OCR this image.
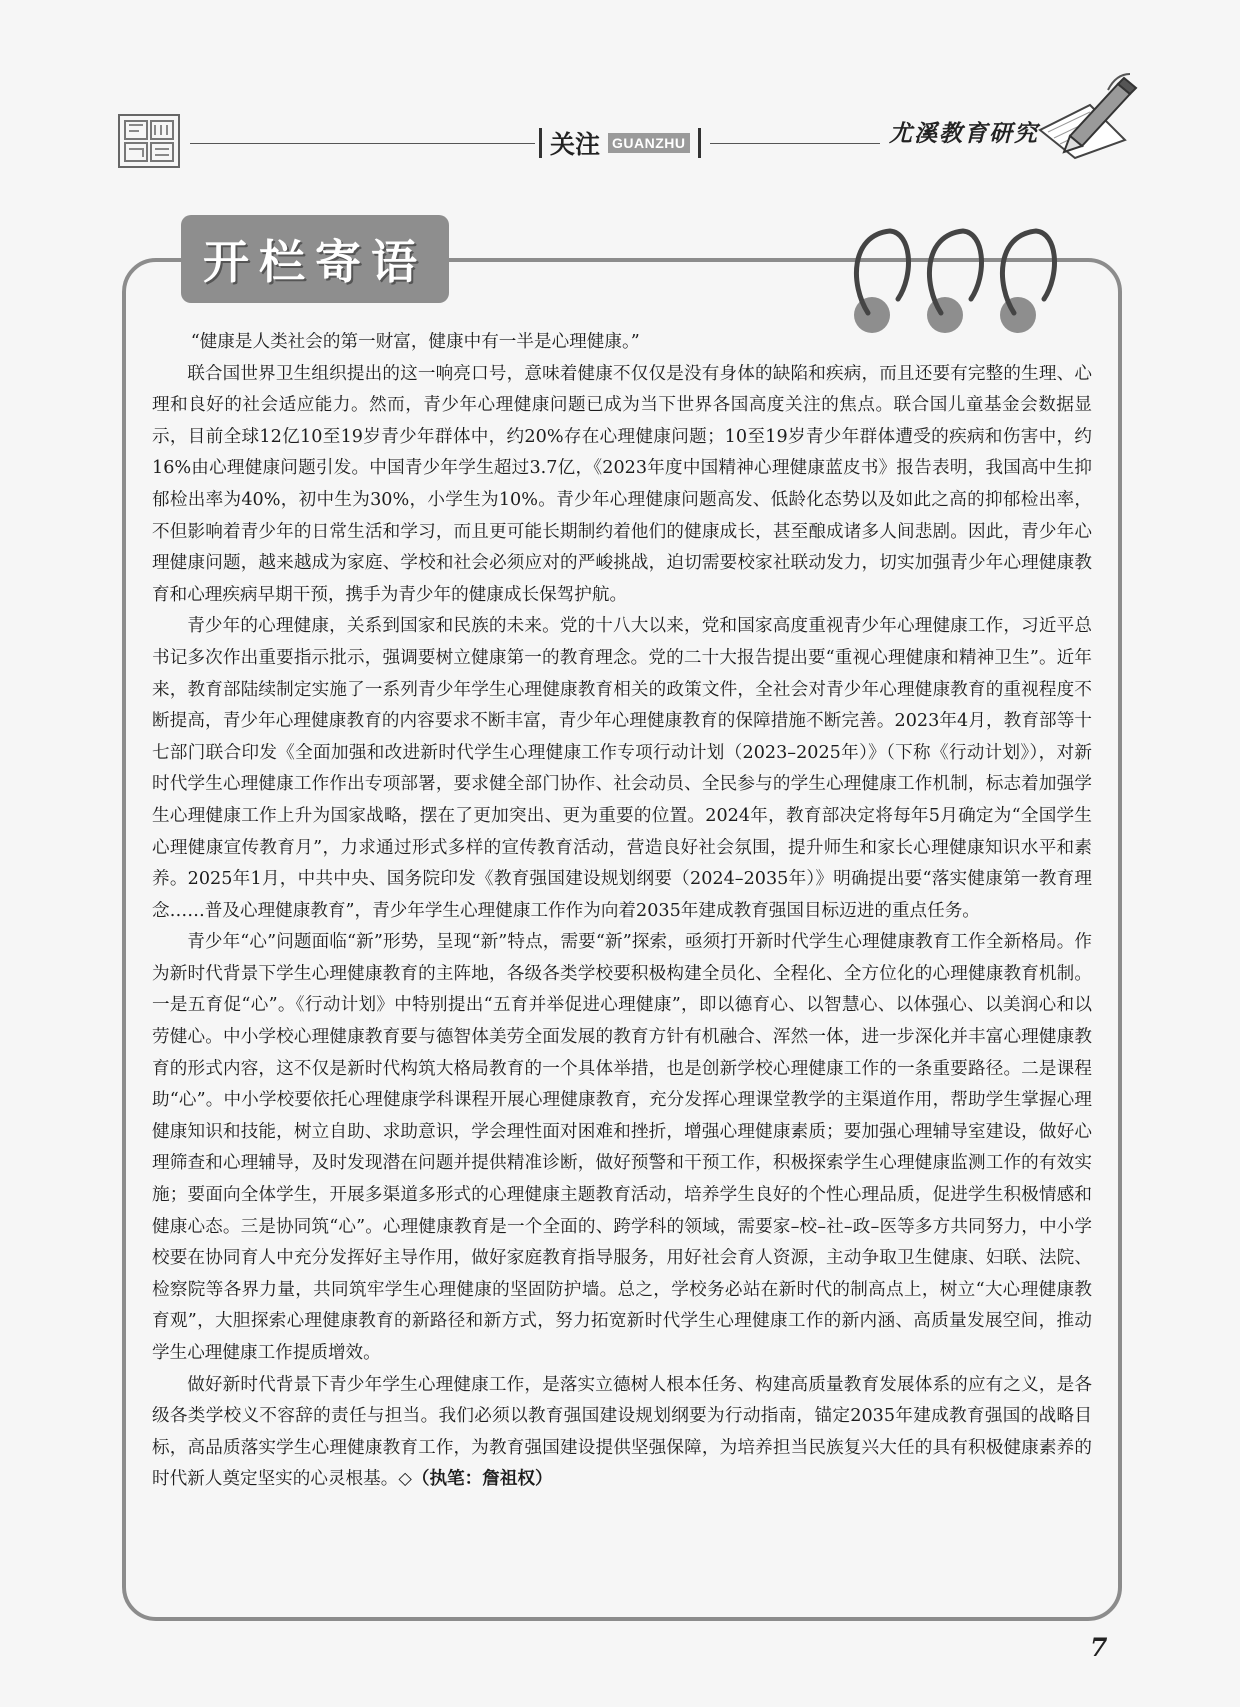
关注 GUANZHU	尤溪教育研究
开栏寄语

“健康是人类社会的第一财富，健康中有一半是心理健康。”

联合国世界卫生组织提出的这一响亮口号，意味着健康不仅仅是没有身体的缺陷和疾病，而且还要有完整的生理、心理和良好的社会适应能力。然而，青少年心理健康问题已成为当下世界各国高度关注的焦点。联合国儿童基金会数据显示，目前全球12亿10至19岁青少年群体中，约20%存在心理健康问题；10至19岁青少年群体遭受的疾病和伤害中，约16%由心理健康问题引发。中国青少年学生超过3.7亿，《2023年度中国精神心理健康蓝皮书》报告表明，我国高中生抑郁检出率为40%，初中生为30%，小学生为10%。青少年心理健康问题高发、低龄化态势以及如此之高的抑郁检出率，不但影响着青少年的日常生活和学习，而且更可能长期制约着他们的健康成长，甚至酿成诸多人间悲剧。因此，青少年心理健康问题，越来越成为家庭、学校和社会必须应对的严峻挑战，迫切需要校家社联动发力，切实加强青少年心理健康教育和心理疾病早期干预，携手为青少年的健康成长保驾护航。

青少年的心理健康，关系到国家和民族的未来。党的十八大以来，党和国家高度重视青少年心理健康工作，习近平总书记多次作出重要指示批示，强调要树立健康第一的教育理念。党的二十大报告提出要“重视心理健康和精神卫生”。近年来，教育部陆续制定实施了一系列青少年学生心理健康教育相关的政策文件，全社会对青少年心理健康教育的重视程度不断提高，青少年心理健康教育的内容要求不断丰富，青少年心理健康教育的保障措施不断完善。2023年4月，教育部等十七部门联合印发《全面加强和改进新时代学生心理健康工作专项行动计划（2023–2025年）》（下称《行动计划》），对新时代学生心理健康工作作出专项部署，要求健全部门协作、社会动员、全民参与的学生心理健康工作机制，标志着加强学生心理健康工作上升为国家战略，摆在了更加突出、更为重要的位置。2024年，教育部决定将每年5月确定为“全国学生心理健康宣传教育月”，力求通过形式多样的宣传教育活动，营造良好社会氛围，提升师生和家长心理健康知识水平和素养。2025年1月，中共中央、国务院印发《教育强国建设规划纲要（2024–2035年）》明确提出要“落实健康第一教育理念……普及心理健康教育”，青少年学生心理健康工作作为向着2035年建成教育强国目标迈进的重点任务。

青少年“心”问题面临“新”形势，呈现“新”特点，需要“新”探索，亟须打开新时代学生心理健康教育工作全新格局。作为新时代背景下学生心理健康教育的主阵地，各级各类学校要积极构建全员化、全程化、全方位化的心理健康教育机制。一是五育促“心”。《行动计划》中特别提出“五育并举促进心理健康”，即以德育心、以智慧心、以体强心、以美润心和以劳健心。中小学校心理健康教育要与德智体美劳全面发展的教育方针有机融合、浑然一体，进一步深化并丰富心理健康教育的形式内容，这不仅是新时代构筑大格局教育的一个具体举措，也是创新学校心理健康工作的一条重要路径。二是课程助“心”。中小学校要依托心理健康学科课程开展心理健康教育，充分发挥心理课堂教学的主渠道作用，帮助学生掌握心理健康知识和技能，树立自助、求助意识，学会理性面对困难和挫折，增强心理健康素质；要加强心理辅导室建设，做好心理筛查和心理辅导，及时发现潜在问题并提供精准诊断，做好预警和干预工作，积极探索学生心理健康监测工作的有效实施；要面向全体学生，开展多渠道多形式的心理健康主题教育活动，培养学生良好的个性心理品质，促进学生积极情感和健康心态。三是协同筑“心”。心理健康教育是一个全面的、跨学科的领域，需要家–校–社–政–医等多方共同努力，中小学校要在协同育人中充分发挥好主导作用，做好家庭教育指导服务，用好社会育人资源，主动争取卫生健康、妇联、法院、检察院等各界力量，共同筑牢学生心理健康的坚固防护墙。总之，学校务必站在新时代的制高点上，树立“大心理健康教育观”，大胆探索心理健康教育的新路径和新方式，努力拓宽新时代学生心理健康工作的新内涵、高质量发展空间，推动学生心理健康工作提质增效。

做好新时代背景下青少年学生心理健康工作，是落实立德树人根本任务、构建高质量教育发展体系的应有之义，是各级各类学校义不容辞的责任与担当。我们必须以教育强国建设规划纲要为行动指南，锚定2035年建成教育强国的战略目标，高品质落实学生心理健康教育工作，为教育强国建设提供坚强保障，为培养担当民族复兴大任的具有积极健康素养的时代新人奠定坚实的心灵根基。◇（执笔：詹祖权）

7
